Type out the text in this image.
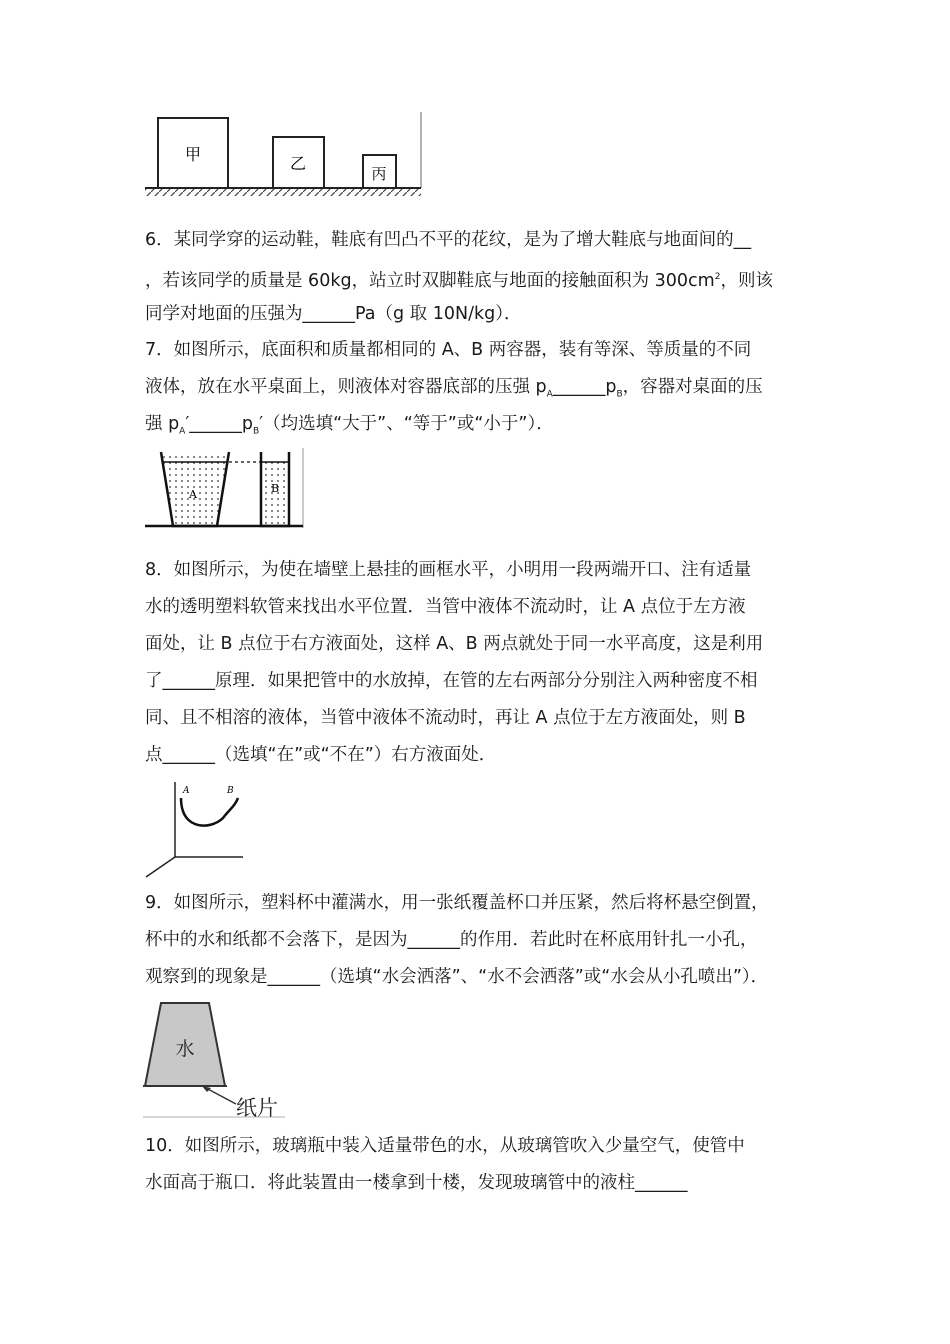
甲	乙
丙
6．某同学穿的运动鞋，鞋底有凹凸不平的花纹，是为了增大鞋底与地面间的__
，若该同学的质量是 60kg，站立时双脚鞋底与地面的接触面积为 $300cm^2$，则该
同学对地面的压强为______Pa（g 取 10N/kg）．
7．如图所示，底面积和质量都相同的 A、B 两容器，装有等深、等质量的不同
液体，放在水平桌面上，则液体对容器底部的压强 $p_A\_\_\_\_\_\_p_B$，容器对桌面的压
强 $p_A'\_\_\_\_\_\_p_B'$（均选填“大于”、“等于”或“小于”）．
A	B
8．如图所示，为使在墙壁上悬挂的画框水平，小明用一段两端开口、注有适量
水的透明塑料软管来找出水平位置．当管中液体不流动时，让 A 点位于左方液
面处，让 B 点位于右方液面处，这样 A、B 两点就处于同一水平高度，这是利用
了______原理．如果把管中的水放掉，在管的左右两部分分别注入两种密度不相
同、且不相溶的液体，当管中液体不流动时，再让 A 点位于左方液面处，则 B
点______（选填“在”或“不在”）右方液面处．
A	B
9．如图所示，塑料杯中灌满水，用一张纸覆盖杯口并压紧，然后将杯悬空倒置，
杯中的水和纸都不会落下，是因为______的作用．若此时在杯底用针扎一小孔，
观察到的现象是______（选填“水会洒落”、“水不会洒落”或“水会从小孔喷出”）．
水
纸片
10．如图所示，玻璃瓶中装入适量带色的水，从玻璃管吹入少量空气，使管中
水面高于瓶口．将此装置由一楼拿到十楼，发现玻璃管中的液柱______
